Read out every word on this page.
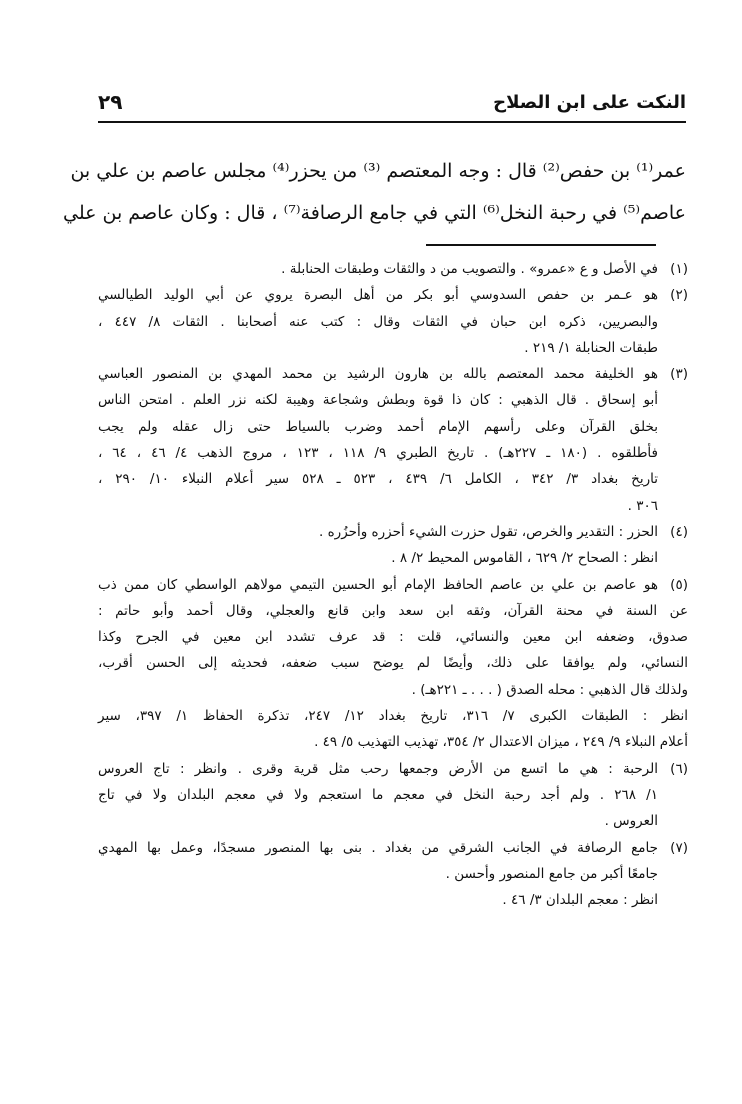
النكت على ابن الصلاح
٢٩
عمر⁽¹⁾ بن حفص⁽²⁾ قال : وجه المعتصم ⁽³⁾ من يحزر⁽⁴⁾ مجلس عاصم بن علي بن
عاصم⁽⁵⁾ في رحبة النخل⁽⁶⁾ التي في جامع الرصافة⁽⁷⁾ ، قال : وكان عاصم بن علي
(١)
في الأصل و ع «عمرو» . والتصويب من د والثقات وطبقات الحنابلة .
(٢)
هو عـمر بن حفص السدوسي أبو بكر من أهل البصرة يروي عن أبي الوليد الطيالسي
والبصريين، ذكره ابن حبان في الثقات وقال : كتب عنه أصحابنا . الثقات ٨/ ٤٤٧ ،
طبقات الحنابلة ١/ ٢١٩ .
(٣)
هو الخليفة محمد المعتصم بالله بن هارون الرشيد بن محمد المهدي بن المنصور العباسي
أبو إسحاق . قال الذهبي : كان ذا قوة وبطش وشجاعة وهيبة لكنه نزر العلم . امتحن الناس
بخلق القرآن وعلى رأسهم الإمام أحمد وضرب بالسياط حتى زال عقله ولم يجب
فأطلقوه . (١٨٠ ـ ٢٢٧هـ) . تاريخ الطبري ٩/ ١١٨ ، ١٢٣ ، مروج الذهب ٤/ ٤٦ ، ٦٤ ،
تاريخ بغداد ٣/ ٣٤٢ ، الكامل ٦/ ٤٣٩ ، ٥٢٣ ـ ٥٢٨ سير أعلام النبلاء ١٠/ ٢٩٠ ،
٣٠٦ .
(٤)
الحزر : التقدير والخرص، تقول حزرت الشيء أحزره وأحزُره .
انظر : الصحاح ٢/ ٦٢٩ ، القاموس المحيط ٢/ ٨ .
(٥)
هو عاصم بن علي بن عاصم الحافظ الإمام أبو الحسين التيمي مولاهم الواسطي كان ممن ذب
عن السنة في محنة القرآن، وثقه ابن سعد وابن قانع والعجلي، وقال أحمد وأبو حاتم :
صدوق، وضعفه ابن معين والنسائي، قلت : قد عرف تشدد ابن معين في الجرح وكذا
النسائي، ولم يوافقا على ذلك، وأيضًا لم يوضح سبب ضعفه، فحديثه إلى الحسن أقرب،
ولذلك قال الذهبي : محله الصدق ( . . . ـ ٢٢١هـ) .
انظر : الطبقات الكبرى ٧/ ٣١٦، تاريخ بغداد ١٢/ ٢٤٧، تذكرة الحفاظ ١/ ٣٩٧، سير
أعلام النبلاء ٩/ ٢٤٩ ، ميزان الاعتدال ٢/ ٣٥٤، تهذيب التهذيب ٥/ ٤٩ .
(٦)
الرحبة : هي ما اتسع من الأرض وجمعها رحب مثل قرية وقرى . وانظر : تاج العروس
١/ ٢٦٨ . ولم أجد رحبة النخل في معجم ما استعجم ولا في معجم البلدان ولا في تاج
العروس .
(٧)
جامع الرصافة في الجانب الشرقي من بغداد . بنى بها المنصور مسجدًا، وعمل بها المهدي
جامعًا أكبر من جامع المنصور وأحسن .
انظر : معجم البلدان ٣/ ٤٦ .
